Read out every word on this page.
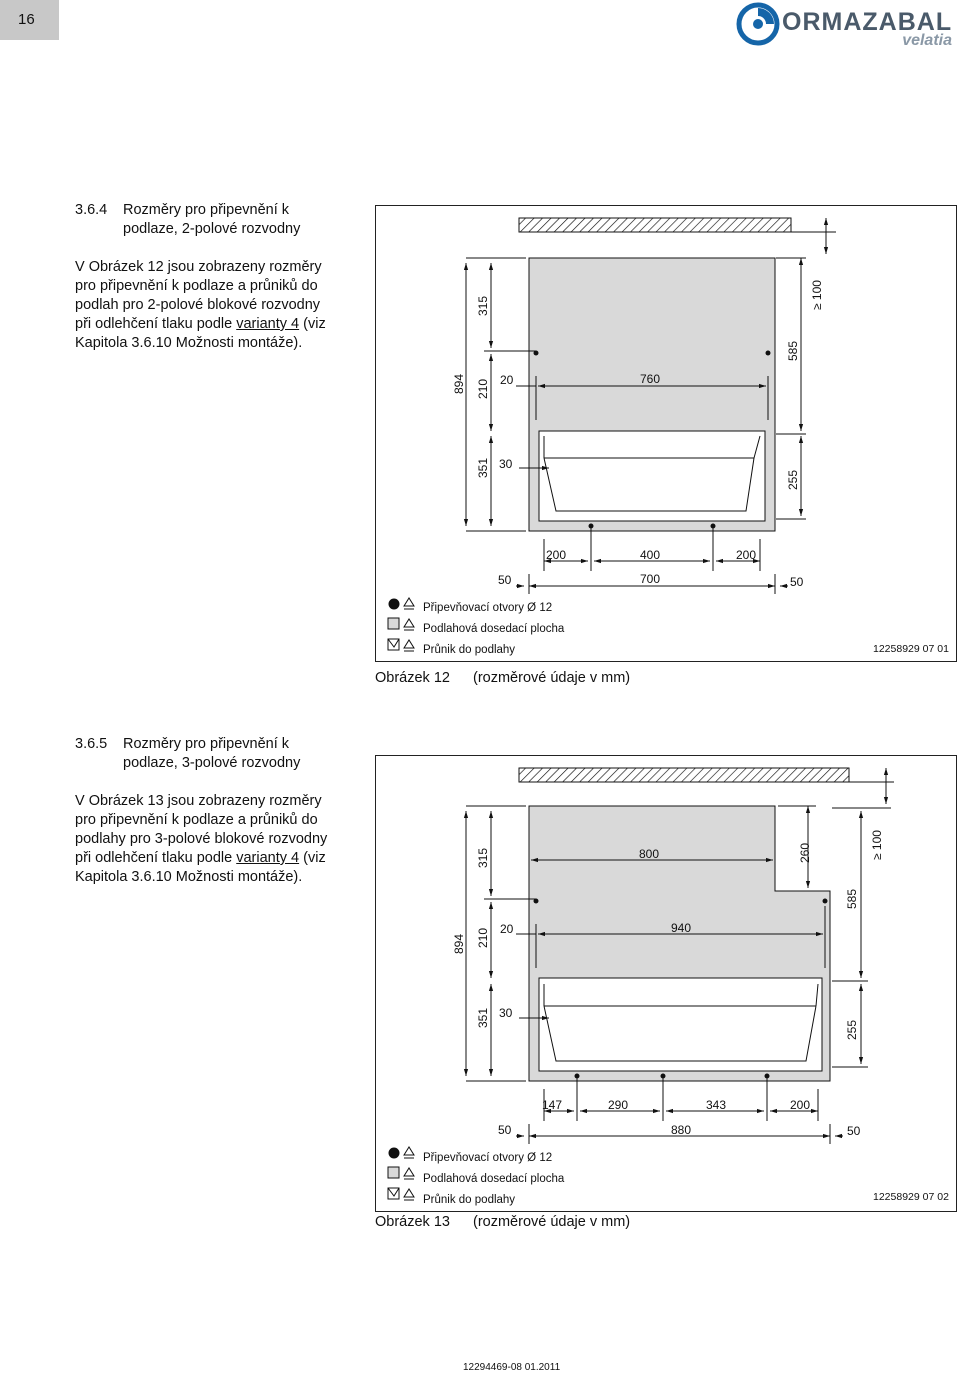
16	ORMAZABAL
velatia
3.6.4 Rozměry pro připevnění k
podlaze, 2-polové rozvodny
V Obrázek 12 jsou zobrazeny rozměry
pro připevnění k podlaze a průniků do
podlah pro 2-polové blokové rozvodny
při odlehčení tlaku podle varianty 4 (viz
Kapitola 3.6.10 Možnosti montáže).
894
315
210
351
20	760
30
585
≥ 100
255
200	400	200
50	700	50
Připevňovací otvory Ø 12
Podlahová dosedací plocha
Průnik do podlahy	12258929 07 01
Obrázek 12 (rozměrové údaje v mm)
3.6.5 Rozměry pro připevnění k
podlaze, 3-polové rozvodny
V Obrázek 13 jsou zobrazeny rozměry
pro připevnění k podlaze a průniků do
podlahy pro 3-polové blokové rozvodny
při odlehčení tlaku podle varianty 4 (viz
Kapitola 3.6.10 Možnosti montáže).
894
315
210
351
800
20	940
30
260	≥ 100
585
255
147	290	343	200
50	880	50
Připevňovací otvory Ø 12
Podlahová dosedací plocha
Průnik do podlahy	12258929 07 02
Obrázek 13 (rozměrové údaje v mm)
12294469-08 01.2011
